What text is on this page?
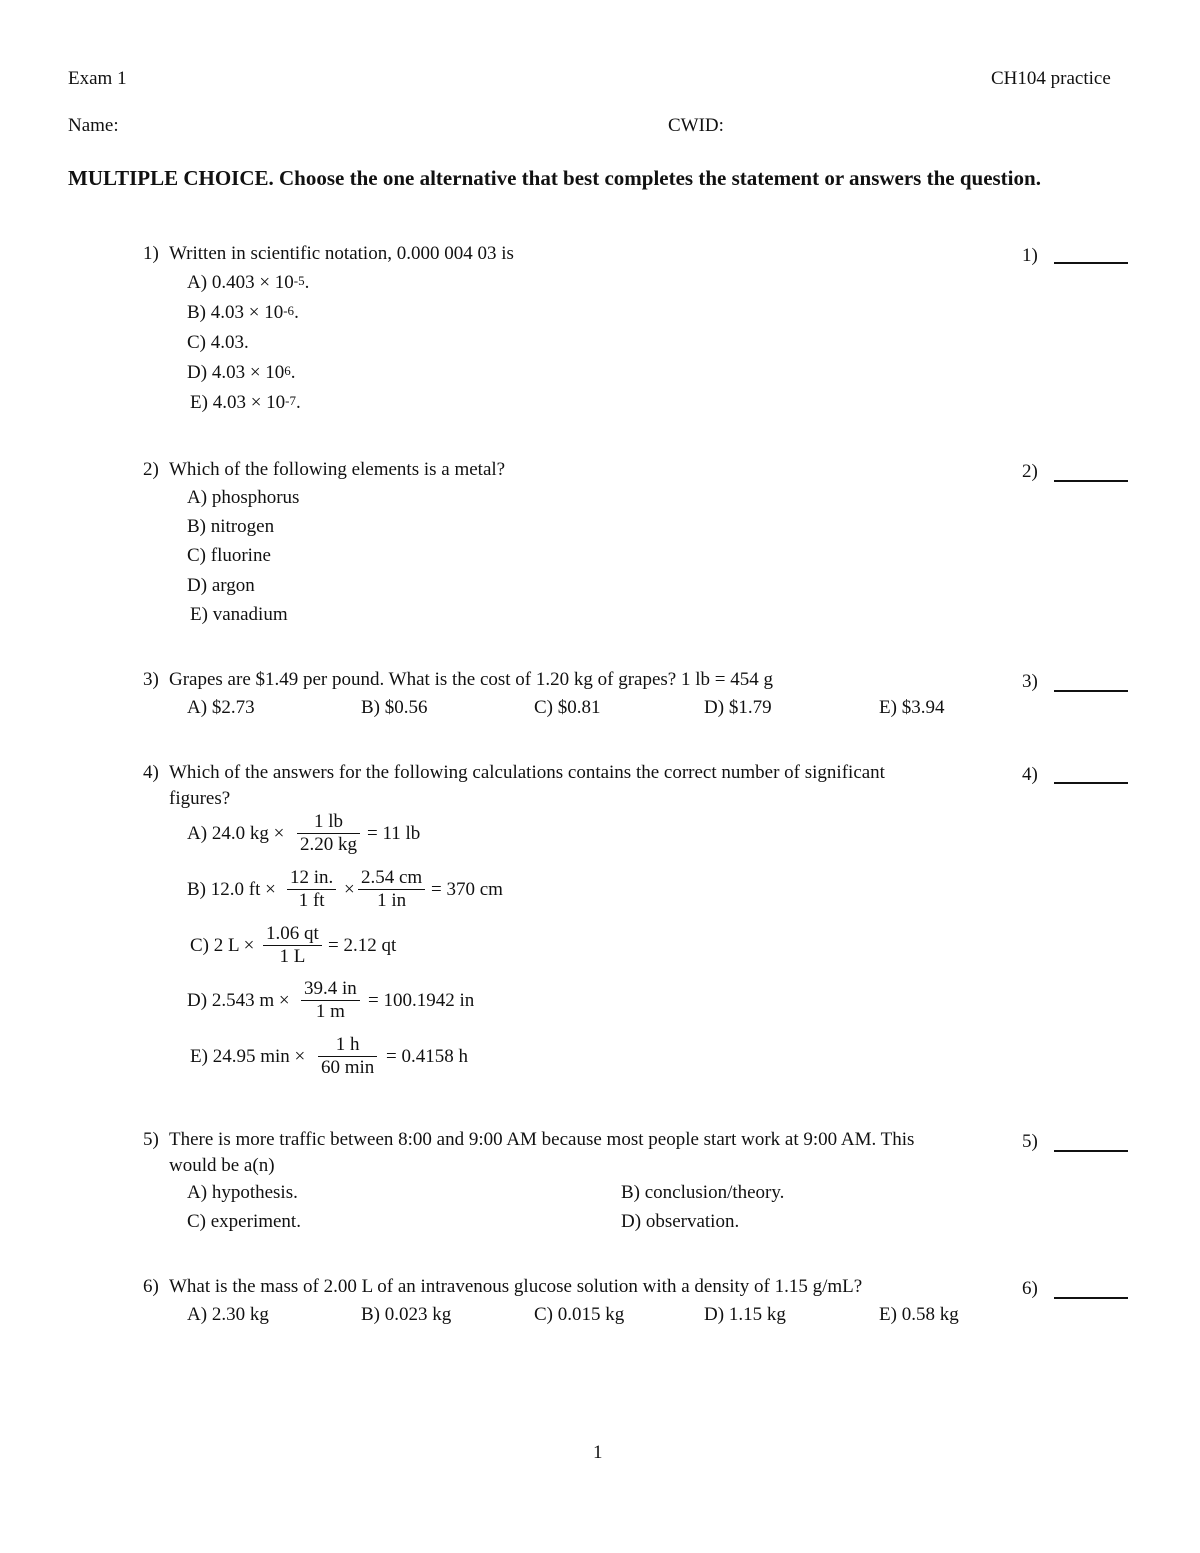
Exam 1	CH104 practice
Name:	CWID:
MULTIPLE CHOICE. Choose the one alternative that best completes the statement or answers the question.
1) Written in scientific notation, 0.000 004 03 is	1)
A) $0.403 \times 10^{-5}$.
B) $4.03 \times 10^{-6}$.
C) 4.03.
D) $4.03 \times 10^6$.
E) $4.03 \times 10^{-7}$.
2) Which of the following elements is a metal?	2)
A) phosphorus
B) nitrogen
C) fluorine
D) argon
E) vanadium
3) Grapes are $1.49 per pound. What is the cost of 1.20 kg of grapes? 1 lb = 454 g	3)
A) $2.73	B) $0.56	C) $0.81	D) $1.79	E) $3.94
4) Which of the answers for the following calculations contains the correct number of significant
figures?
4)
A) 24.0 kg × $\frac{1 lb}{2.20 kg} = 11$ lb
B) 12.0 ft × $\frac{12 in.}{1 ft} \times \frac{2.54 cm}{1 in} = 370$ cm
C) 2 $L \times \frac{1.06 qt}{1 L} = 2.12$ qt
D) 2.543 $m \times \frac{39.4 in}{1 m} = 100.1942$ in
E) 24.95 min ×
1 h
60 min
= 0.4158 h
5) There is more traffic between 8:00 and 9:00 AM because most people start work at 9:00 AM. This
would be a(n)
5)
A) hypothesis.	B) conclusion/theory.
C) experiment.	D) observation.
6) What is the mass of 2.00 L of an intravenous glucose solution with a density of 1.15 g/mL?	6)
A) 2.30 kg	B) 0.023 kg	C) 0.015 kg	D) 1.15 kg	E) 0.58 kg
1
